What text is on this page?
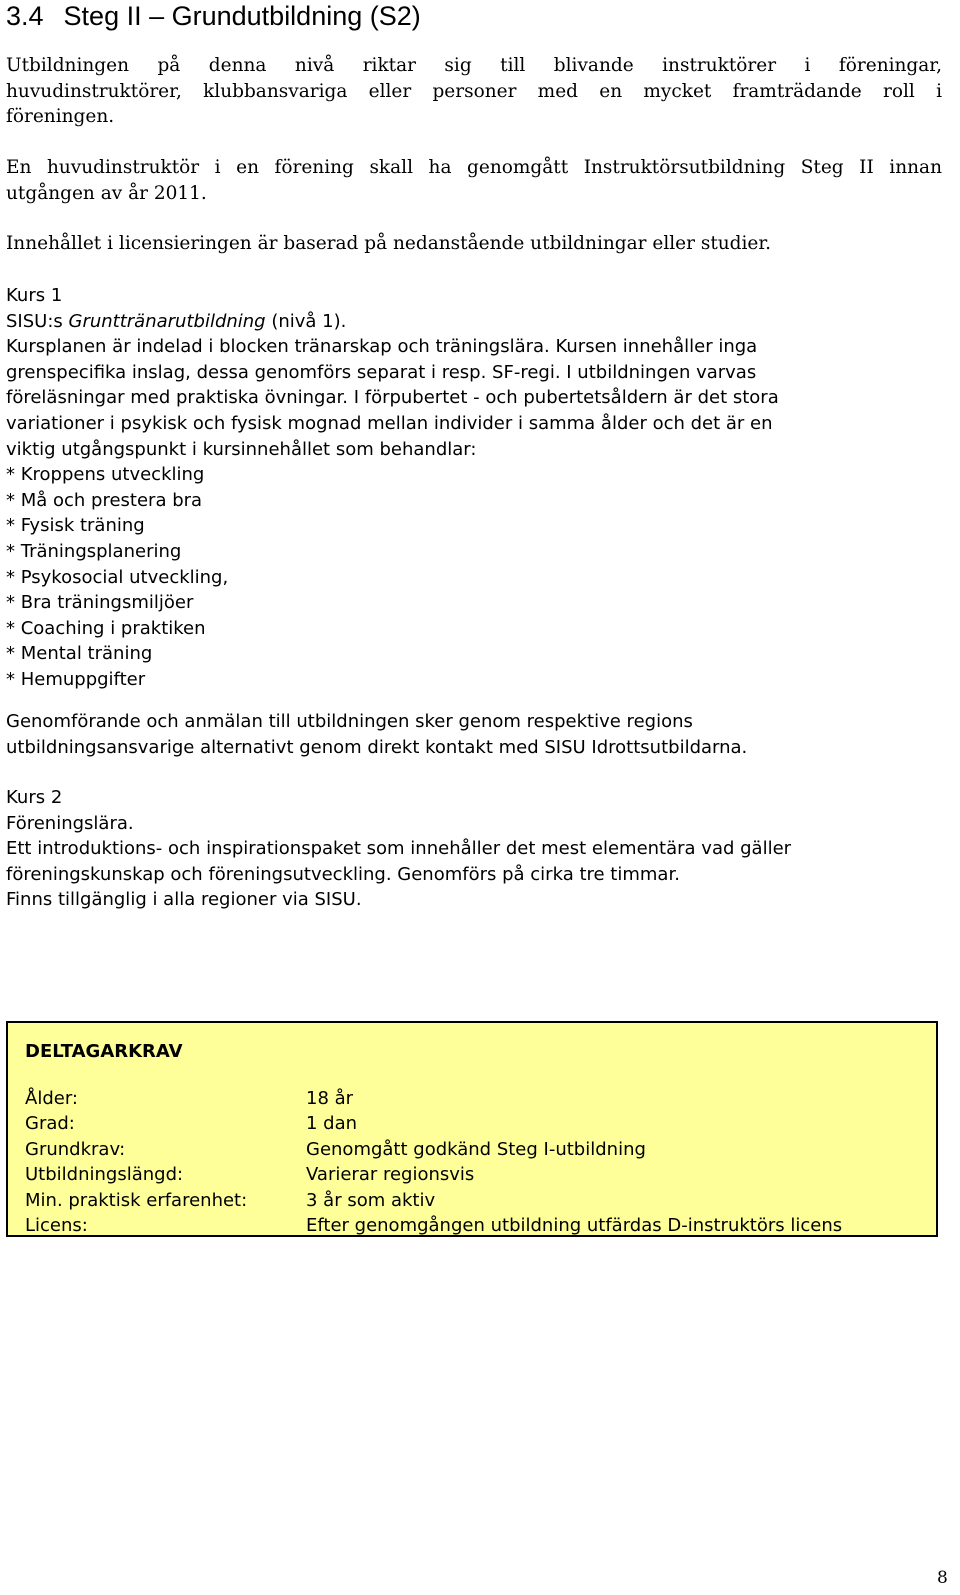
3.4 Steg II – Grundutbildning (S2)

Utbildningen på denna nivå riktar sig till blivande instruktörer i föreningar,
huvudinstruktörer, klubbansvariga eller personer med en mycket framträdande roll i
föreningen.

En huvudinstruktör i en förening skall ha genomgått Instruktörsutbildning Steg II innan
utgången av år 2011.

Innehållet i licensieringen är baserad på nedanstående utbildningar eller studier.

Kurs 1
SISU:s Grunttränarutbildning (nivå 1).
Kursplanen är indelad i blocken tränarskap och träningslära. Kursen innehåller inga
grenspecifika inslag, dessa genomförs separat i resp. SF-regi. I utbildningen varvas
föreläsningar med praktiska övningar. I förpubertet - och pubertetsåldern är det stora
variationer i psykisk och fysisk mognad mellan individer i samma ålder och det är en
viktig utgångspunkt i kursinnehållet som behandlar:
* Kroppens utveckling
* Må och prestera bra
* Fysisk träning
* Träningsplanering
* Psykosocial utveckling,
* Bra träningsmiljöer
* Coaching i praktiken
* Mental träning
* Hemuppgifter

Genomförande och anmälan till utbildningen sker genom respektive regions
utbildningsansvarige alternativt genom direkt kontakt med SISU Idrottsutbildarna.

Kurs 2
Föreningslära.
Ett introduktions- och inspirationspaket som innehåller det mest elementära vad gäller
föreningskunskap och föreningsutveckling. Genomförs på cirka tre timmar.
Finns tillgänglig i alla regioner via SISU.
DELTAGARKRAV
Ålder:	18 år
Grad:	1 dan
Grundkrav:	Genomgått godkänd Steg I-utbildning
Utbildningslängd:	Varierar regionsvis
Min. praktisk erfarenhet:	3 år som aktiv
Licens:	Efter genomgången utbildning utfärdas D-instruktörs licens
8
